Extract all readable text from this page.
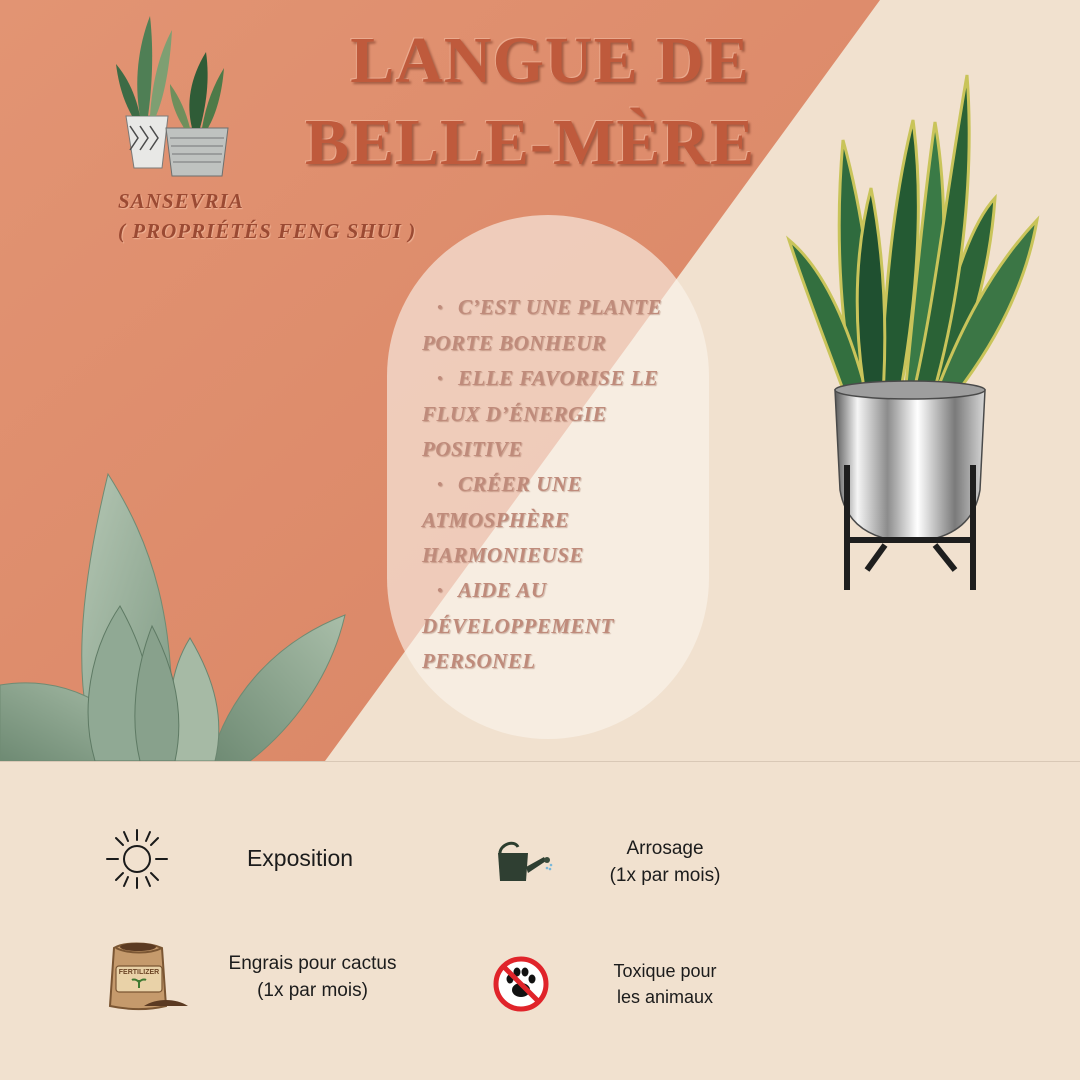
LANGUE DE
BELLE-MÈRE
SANSEVRIA
( PROPRIÉTÉS FENG SHUI )
• C’EST UNE PLANTE
PORTE BONHEUR
• ELLE FAVORISE LE
FLUX D’ÉNERGIE
POSITIVE
• CRÉER UNE
ATMOSPHÈRE
HARMONIEUSE
• AIDE AU
DÉVELOPPEMENT
PERSONEL
Exposition	Arrosage
(1x par mois)
FERTILIZER	Engrais pour cactus
(1x par mois)
Toxique pour
les animaux
